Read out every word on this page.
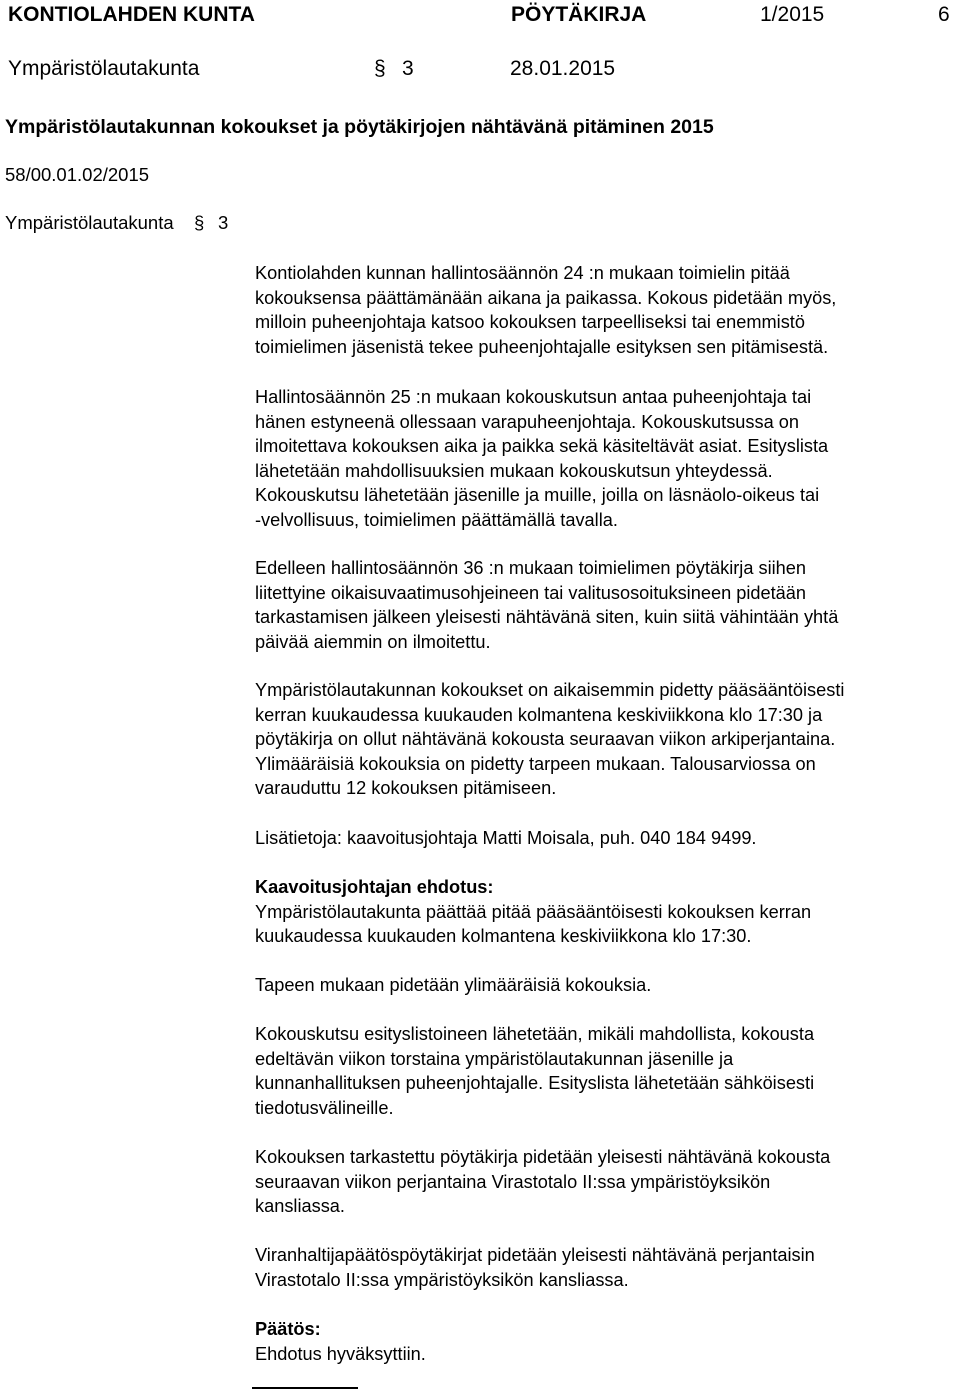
KONTIOLAHDEN KUNTA	PÖYTÄKIRJA	1/2015	6
Ympäristölautakunta	§ 3	28.01.2015
Ympäristölautakunnan kokoukset ja pöytäkirjojen nähtävänä pitäminen 2015
58/00.01.02/2015
Ympäristölautakunta § 3
Kontiolahden kunnan hallintosäännön 24 :n mukaan toimielin pitää
kokouksensa päättämänään aikana ja paikassa. Kokous pidetään myös,
milloin puheenjohtaja katsoo kokouksen tarpeelliseksi tai enemmistö
toimielimen jäsenistä tekee puheenjohtajalle esityksen sen pitämisestä.
Hallintosäännön 25 :n mukaan kokouskutsun antaa puheenjohtaja tai
hänen estyneenä ollessaan varapuheenjohtaja. Kokouskutsussa on
ilmoitettava kokouksen aika ja paikka sekä käsiteltävät asiat. Esityslista
lähetetään mahdollisuuksien mukaan kokouskutsun yhteydessä.
Kokouskutsu lähetetään jäsenille ja muille, joilla on läsnäolo-oikeus tai
-velvollisuus, toimielimen päättämällä tavalla.
Edelleen hallintosäännön 36 :n mukaan toimielimen pöytäkirja siihen
liitettyine oikaisuvaatimusohjeineen tai valitusosoituksineen pidetään
tarkastamisen jälkeen yleisesti nähtävänä siten, kuin siitä vähintään yhtä
päivää aiemmin on ilmoitettu.
Ympäristölautakunnan kokoukset on aikaisemmin pidetty pääsääntöisesti
kerran kuukaudessa kuukauden kolmantena keskiviikkona klo 17:30 ja
pöytäkirja on ollut nähtävänä kokousta seuraavan viikon arkiperjantaina.
Ylimääräisiä kokouksia on pidetty tarpeen mukaan. Talousarviossa on
varauduttu 12 kokouksen pitämiseen.
Lisätietoja: kaavoitusjohtaja Matti Moisala, puh. 040 184 9499.
Kaavoitusjohtajan ehdotus:
Ympäristölautakunta päättää pitää pääsääntöisesti kokouksen kerran
kuukaudessa kuukauden kolmantena keskiviikkona klo 17:30.
Tapeen mukaan pidetään ylimääräisiä kokouksia.
Kokouskutsu esityslistoineen lähetetään, mikäli mahdollista, kokousta
edeltävän viikon torstaina ympäristölautakunnan jäsenille ja
kunnanhallituksen puheenjohtajalle. Esityslista lähetetään sähköisesti
tiedotusvälineille.
Kokouksen tarkastettu pöytäkirja pidetään yleisesti nähtävänä kokousta
seuraavan viikon perjantaina Virastotalo II:ssa ympäristöyksikön
kansliassa.
Viranhaltijapäätöspöytäkirjat pidetään yleisesti nähtävänä perjantaisin
Virastotalo II:ssa ympäristöyksikön kansliassa.
Päätös:
Ehdotus hyväksyttiin.
